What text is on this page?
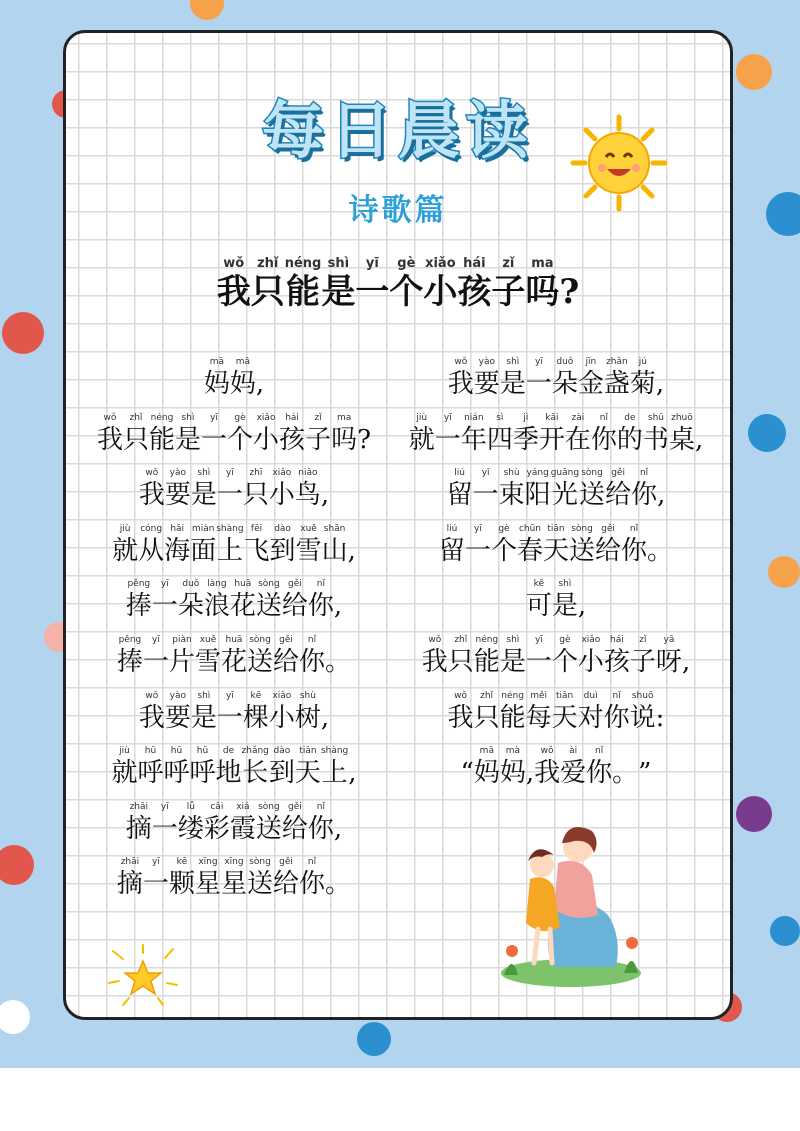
每日晨读
诗歌篇
wǒ
我
zhǐ
只
néng
能
shì
是
yī
一
gè
个
xiǎo
小
hái
孩
zǐ
子
ma
吗 ?
mā
妈
mā
妈 ,
wǒ
我
zhǐ
只
néng
能
shì
是
yī
一
gè
个
xiǎo
小
hái
孩
zǐ
子
ma
吗 ?
wǒ
我
yào
要
shì
是
yī
一
zhī
只
xiǎo
小
niǎo
鸟 ,
jiù
就
cóng
从
hǎi
海
miàn
面
shàng
上
fēi
飞
dào
到
xuě
雪
shān
山 ,
pěng
捧
yī
一
duǒ
朵
làng
浪
huā
花
sòng
送
gěi
给
nǐ
你 ,
pěng
捧
yī
一
piàn
片
xuě
雪
huā
花
sòng
送
gěi
给
nǐ
你 。
wǒ
我
yào
要
shì
是
yī
一
kē
棵
xiǎo
小
shù
树 ,
jiù
就
hū
呼
hū
呼
hū
呼
de
地
zhǎng
长
dào
到
tiān
天
shàng
上 ,
zhāi
摘
yī
一
lǚ
缕
cǎi
彩
xiá
霞
sòng
送
gěi
给
nǐ
你 ,
zhāi
摘
yī
一
kē
颗
xīng
星
xīng
星
sòng
送
gěi
给
nǐ
你 。
wǒ
我
yào
要
shì
是
yī
一
duǒ
朵
jīn
金
zhǎn
盏
jú
菊 ,
jiù
就
yī
一
nián
年
sì
四
jì
季
kāi
开
zài
在
nǐ
你
de
的
shū
书
zhuō
桌 ,
liú
留
yī
一
shù
束
yáng
阳
guāng
光
sòng
送
gěi
给
nǐ
你 ,
liú
留
yī
一
gè
个
chūn
春
tiān
天
sòng
送
gěi
给
nǐ
你 。
kě
可
shì
是 ,
wǒ
我
zhǐ
只
néng
能
shì
是
yī
一
gè
个
xiǎo
小
hái
孩
zǐ
子
yā
呀 ,
wǒ
我
zhǐ
只
néng
能
měi
每
tiān
天
duì
对
nǐ
你
shuō
说 :
“
mā
妈
mà
妈 ,
wǒ
我
ài
爱
nǐ
你 。 ”
